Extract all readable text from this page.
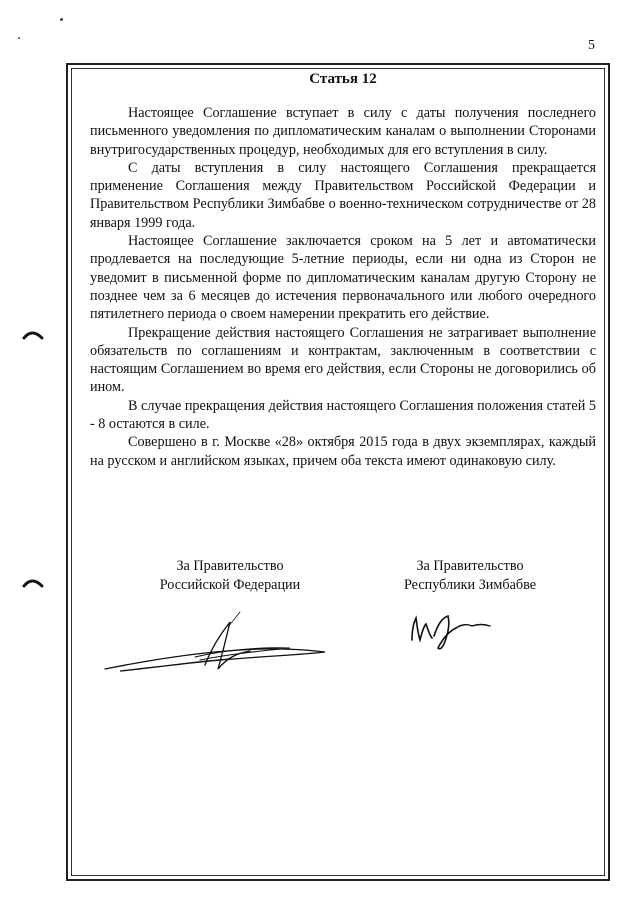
5
Статья 12

Настоящее Соглашение вступает в силу с даты получения последнего письменного уведомления по дипломатическим каналам о выполнении Сторонами внутригосударственных процедур, необходимых для его вступления в силу.

С даты вступления в силу настоящего Соглашения прекращается применение Соглашения между Правительством Российской Федерации и Правительством Республики Зимбабве о военно-техническом сотрудничестве от 28 января 1999 года.

Настоящее Соглашение заключается сроком на 5 лет и автоматически продлевается на последующие 5-летние периоды, если ни одна из Сторон не уведомит в письменной форме по дипломатическим каналам другую Сторону не позднее чем за 6 месяцев до истечения первоначального или любого очередного пятилетнего периода о своем намерении прекратить его действие.

Прекращение действия настоящего Соглашения не затрагивает выполнение обязательств по соглашениям и контрактам, заключенным в соответствии с настоящим Соглашением во время его действия, если Стороны не договорились об ином.

В случае прекращения действия настоящего Соглашения положения статей 5 - 8 остаются в силе.

Совершено в г. Москве «28» октября 2015 года в двух экземплярах, каждый на русском и английском языках, причем оба текста имеют одинаковую силу.

За Правительство
Российской Федерации
За Правительство
Республики Зимбабве
